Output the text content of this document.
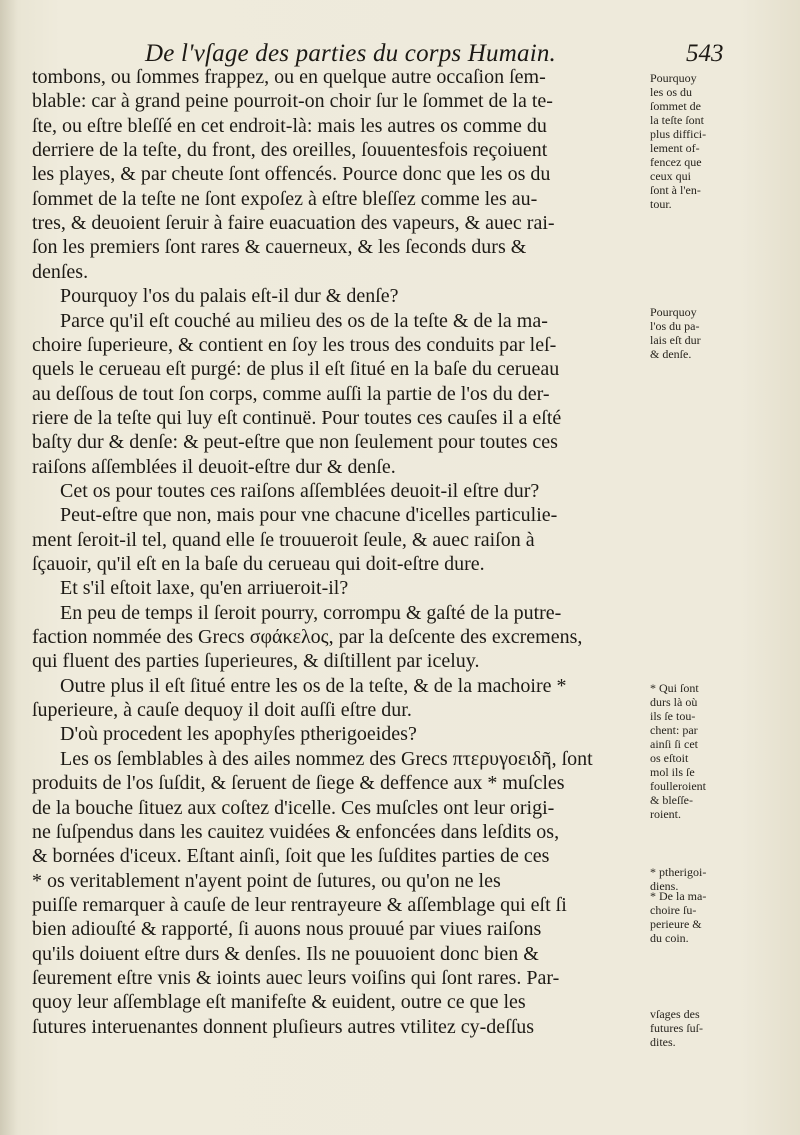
De l'vſage des parties du corps Humain.	543
tombons, ou ſommes frappez, ou en quelque autre occaſion ſem-
blable: car à grand peine pourroit-on choir ſur le ſommet de la te-
ſte, ou eſtre bleſſé en cet endroit-là: mais les autres os comme du
derriere de la teſte, du front, des oreilles, ſouuentesfois reçoiuent
les playes, & par cheute ſont offencés. Pource donc que les os du
ſommet de la teſte ne ſont expoſez à eſtre bleſſez comme les au-
tres, & deuoient ſeruir à faire euacuation des vapeurs, & auec rai-
ſon les premiers ſont rares & cauerneux, & les ſeconds durs &
denſes.
Pourquoy l'os du palais eſt-il dur & denſe?
Parce qu'il eſt couché au milieu des os de la teſte & de la ma-
choire ſuperieure, & contient en ſoy les trous des conduits par leſ-
quels le cerueau eſt purgé: de plus il eſt ſitué en la baſe du cerueau
au deſſous de tout ſon corps, comme auſſi la partie de l'os du der-
riere de la teſte qui luy eſt continuë. Pour toutes ces cauſes il a eſté
baſty dur & denſe: & peut-eſtre que non ſeulement pour toutes ces
raiſons aſſemblées il deuoit-eſtre dur & denſe.
Cet os pour toutes ces raiſons aſſemblées deuoit-il eſtre dur?
Peut-eſtre que non, mais pour vne chacune d'icelles particulie-
ment ſeroit-il tel, quand elle ſe trouueroit ſeule, & auec raiſon à
ſçauoir, qu'il eſt en la baſe du cerueau qui doit-eſtre dure.
Et s'il eſtoit laxe, qu'en arriueroit-il?
En peu de temps il ſeroit pourry, corrompu & gaſté de la putre-
faction nommée des Grecs σφάκελος, par la deſcente des excremens,
qui fluent des parties ſuperieures, & diſtillent par iceluy.
Outre plus il eſt ſitué entre les os de la teſte, & de la machoire *
ſuperieure, à cauſe dequoy il doit auſſi eſtre dur.
D'où procedent les apophyſes ptherigoeides?
Les os ſemblables à des ailes nommez des Grecs πτερυγοειδῆ, ſont
produits de l'os ſuſdit, & ſeruent de ſiege & deffence aux * muſcles
de la bouche ſituez aux coſtez d'icelle. Ces muſcles ont leur origi-
ne ſuſpendus dans les cauitez vuidées & enfoncées dans leſdits os,
& bornées d'iceux. Eſtant ainſi, ſoit que les ſuſdites parties de ces
* os veritablement n'ayent point de ſutures, ou qu'on ne les
puiſſe remarquer à cauſe de leur rentrayeure & aſſemblage qui eſt ſi
bien adiouſté & rapporté, ſi auons nous prouué par viues raiſons
qu'ils doiuent eſtre durs & denſes. Ils ne pouuoient donc bien &
ſeurement eſtre vnis & ioints auec leurs voiſins qui ſont rares. Par-
quoy leur aſſemblage eſt manifeſte & euident, outre ce que les
ſutures interuenantes donnent pluſieurs autres vtilitez cy-deſſus
Pourquoy
les os du
ſommet de
la teſte ſont
plus diffici-
lement of-
fencez que
ceux qui
ſont à l'en-
tour.
Pourquoy
l'os du pa-
lais eſt dur
& denſe.
* Qui ſont
durs là où
ils ſe tou-
chent: par
ainſi ſi cet
os eſtoit
mol ils ſe
foulleroient
& bleſſe-
roient.
* ptherigoi-
diens.
* De la ma-
choire ſu-
perieure &
du coin.
vſages des
futures ſuſ-
dites.
